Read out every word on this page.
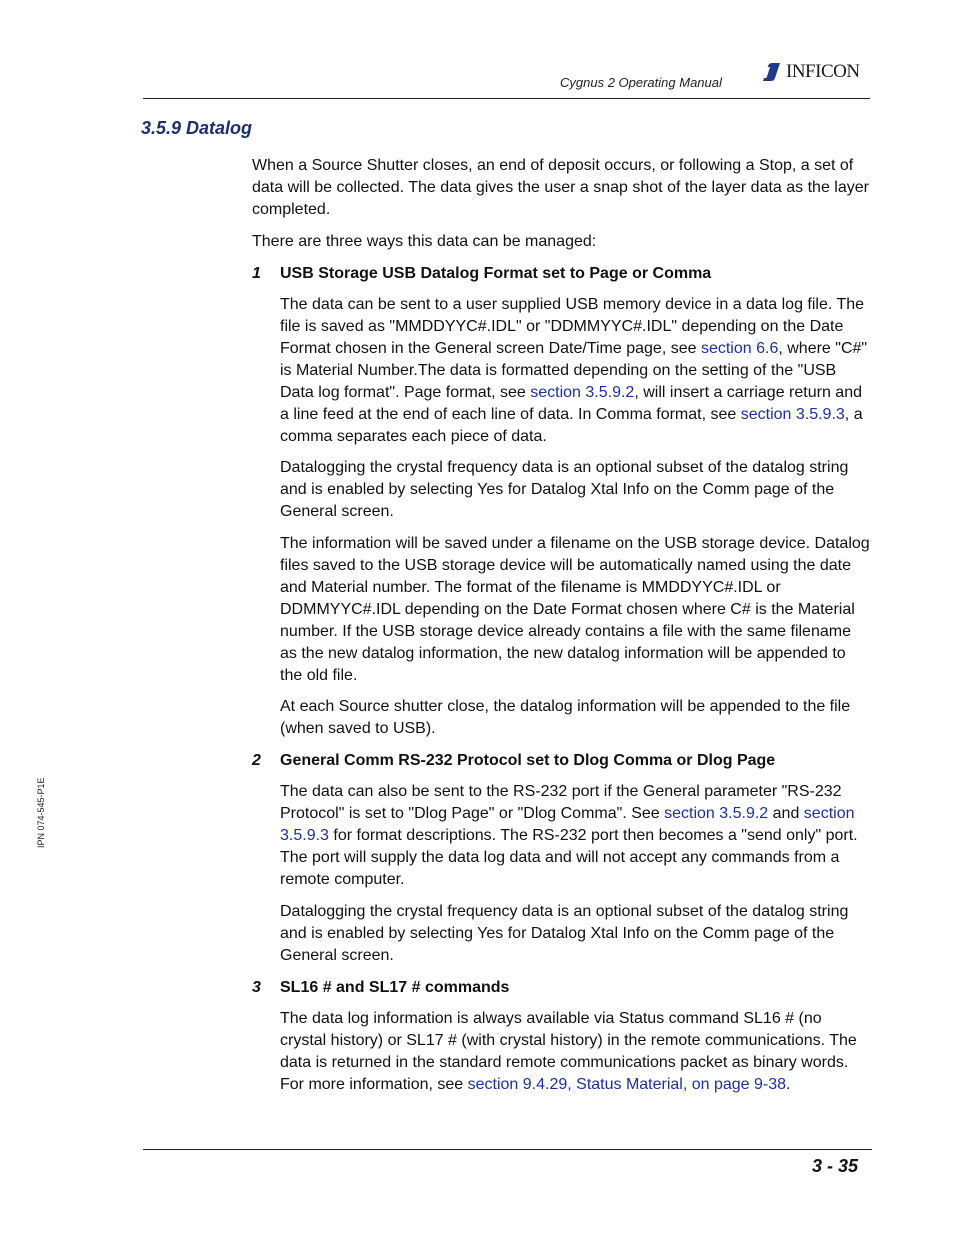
Cygnus 2 Operating Manual
INFICON
3.5.9 Datalog

When a Source Shutter closes, an end of deposit occurs, or following a Stop, a set of data will be collected. The data gives the user a snap shot of the layer data as the layer completed.

There are three ways this data can be managed:

1 USB Storage USB Datalog Format set to Page or Comma

The data can be sent to a user supplied USB memory device in a data log file. The file is saved as "MMDDYYC#.IDL" or "DDMMYYC#.IDL" depending on the Date Format chosen in the General screen Date/Time page, see section 6.6, where "C#" is Material Number.The data is formatted depending on the setting of the "USB Data log format". Page format, see section 3.5.9.2, will insert a carriage return and a line feed at the end of each line of data. In Comma format, see section 3.5.9.3, a comma separates each piece of data.

Datalogging the crystal frequency data is an optional subset of the datalog string and is enabled by selecting Yes for Datalog Xtal Info on the Comm page of the General screen.

The information will be saved under a filename on the USB storage device. Datalog files saved to the USB storage device will be automatically named using the date and Material number. The format of the filename is MMDDYYC#.IDL or DDMMYYC#.IDL depending on the Date Format chosen where C# is the Material number. If the USB storage device already contains a file with the same filename as the new datalog information, the new datalog information will be appended to the old file.

At each Source shutter close, the datalog information will be appended to the file (when saved to USB).

2 General Comm RS-232 Protocol set to Dlog Comma or Dlog Page

The data can also be sent to the RS-232 port if the General parameter "RS-232 Protocol" is set to "Dlog Page" or "Dlog Comma". See section 3.5.9.2 and section 3.5.9.3 for format descriptions. The RS-232 port then becomes a "send only" port. The port will supply the data log data and will not accept any commands from a remote computer.

Datalogging the crystal frequency data is an optional subset of the datalog string and is enabled by selecting Yes for Datalog Xtal Info on the Comm page of the General screen.

3 SL16 # and SL17 # commands

The data log information is always available via Status command SL16 # (no crystal history) or SL17 # (with crystal history) in the remote communications. The data is returned in the standard remote communications packet as binary words. For more information, see section 9.4.29, Status Material, on page 9-38.

IPN 074-545-P1E
3 - 35
